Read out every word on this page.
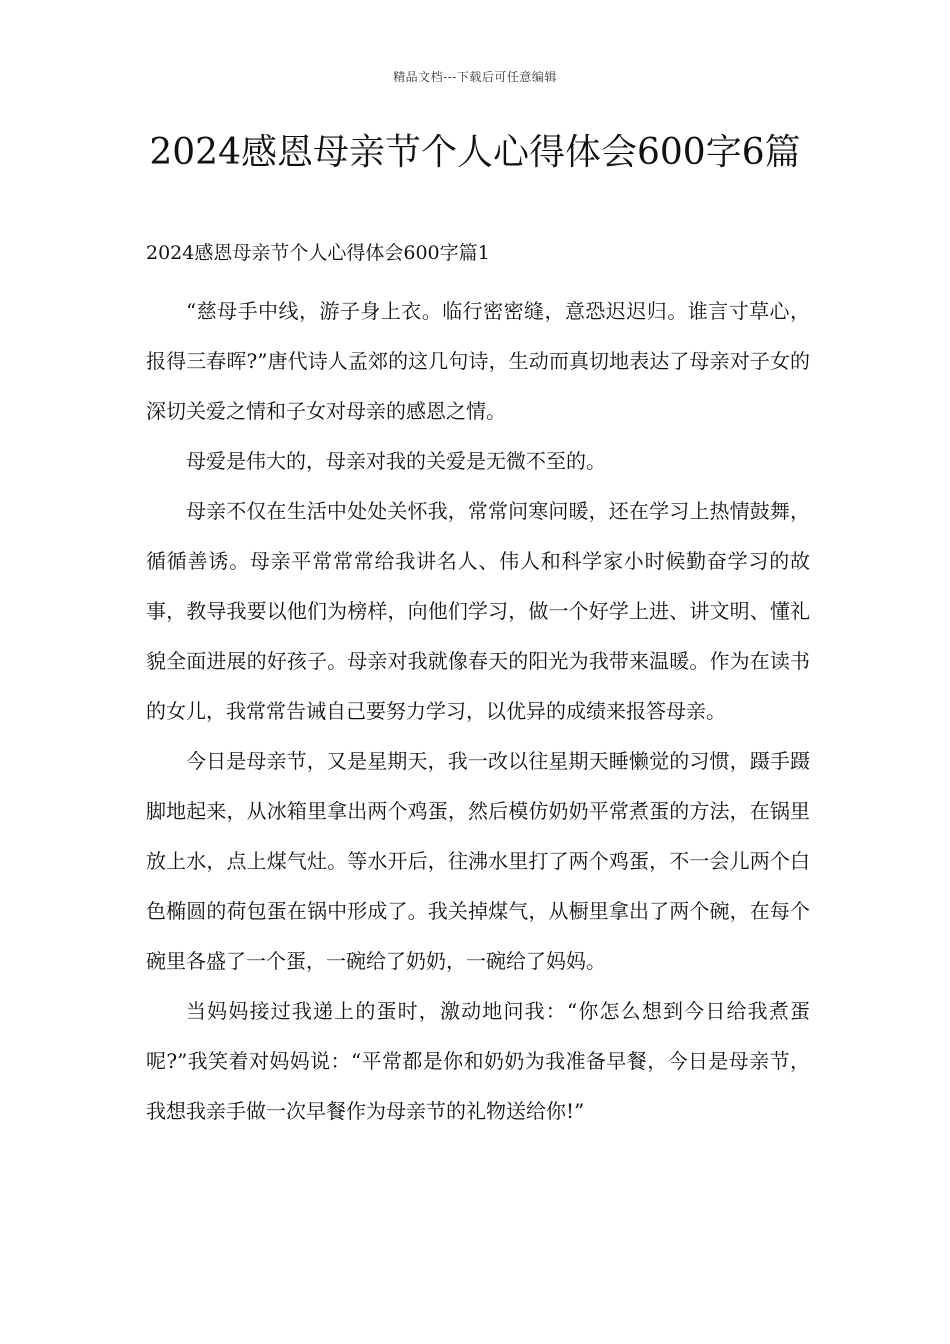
精品文档---下载后可任意编辑
2024感恩母亲节个人心得体会600字6篇
2024感恩母亲节个人心得体会600字篇1

“慈母手中线，游子身上衣。临行密密缝，意恐迟迟归。谁言寸草心，报得三春晖?”唐代诗人孟郊的这几句诗，生动而真切地表达了母亲对子女的深切关爱之情和子女对母亲的感恩之情。

母爱是伟大的，母亲对我的关爱是无微不至的。

母亲不仅在生活中处处关怀我，常常问寒问暖，还在学习上热情鼓舞，循循善诱。母亲平常常常给我讲名人、伟人和科学家小时候勤奋学习的故事，教导我要以他们为榜样，向他们学习，做一个好学上进、讲文明、懂礼貌全面进展的好孩子。母亲对我就像春天的阳光为我带来温暖。作为在读书的女儿，我常常告诫自己要努力学习，以优异的成绩来报答母亲。

今日是母亲节，又是星期天，我一改以往星期天睡懒觉的习惯，蹑手蹑脚地起来，从冰箱里拿出两个鸡蛋，然后模仿奶奶平常煮蛋的方法，在锅里放上水，点上煤气灶。等水开后，往沸水里打了两个鸡蛋，不一会儿两个白色椭圆的荷包蛋在锅中形成了。我关掉煤气，从橱里拿出了两个碗，在每个碗里各盛了一个蛋，一碗给了奶奶，一碗给了妈妈。

当妈妈接过我递上的蛋时，激动地问我：“你怎么想到今日给我煮蛋呢?”我笑着对妈妈说：“平常都是你和奶奶为我准备早餐，今日是母亲节，我想我亲手做一次早餐作为母亲节的礼物送给你!”
